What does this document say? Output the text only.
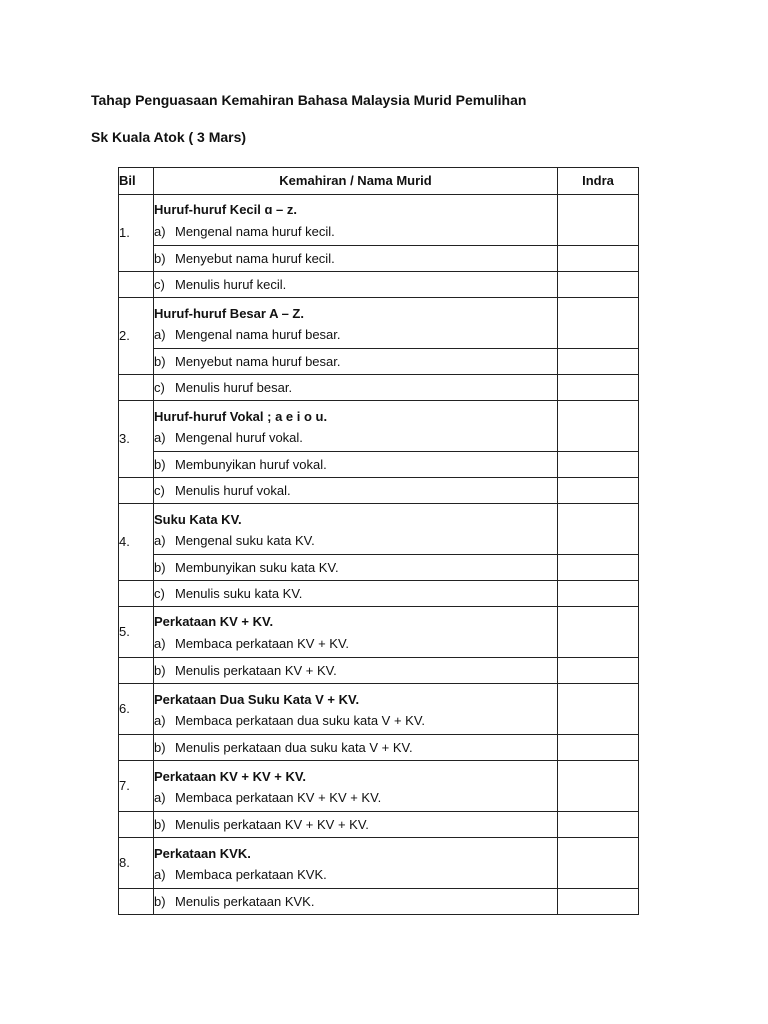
Tahap Penguasaan Kemahiran Bahasa Malaysia Murid Pemulihan
Sk Kuala Atok ( 3 Mars)
Bil	Kemahiran / Nama Murid	Indra
1.	Huruf-huruf Kecil ɑ – z.
a) Mengenal nama huruf kecil.	

	b) Menyebut nama huruf kecil.	
	c) Menulis huruf kecil.	
2.	Huruf-huruf Besar A – Z.
a) Mengenal nama huruf besar.	

	b) Menyebut nama huruf besar.	
	c) Menulis huruf besar.	
3.	Huruf-huruf Vokal ; a e i o u.
a) Mengenal huruf vokal.	

	b) Membunyikan huruf vokal.	
	c) Menulis huruf vokal.	
4.	Suku Kata KV.
a) Mengenal suku kata KV.	

	b) Membunyikan suku kata KV.	
	c) Menulis suku kata KV.	
5.	Perkataan KV + KV.
a) Membaca perkataan KV + KV.	

	b) Menulis perkataan KV + KV.	
6.	Perkataan Dua Suku Kata V + KV.
a) Membaca perkataan dua suku kata V + KV.	

	b) Menulis perkataan dua suku kata V + KV.	
7.	Perkataan KV + KV + KV.
a) Membaca perkataan KV + KV + KV.	

	b) Menulis perkataan KV + KV + KV.	
8.	Perkataan KVK.
a) Membaca perkataan KVK.	

	b) Menulis perkataan KVK.	
